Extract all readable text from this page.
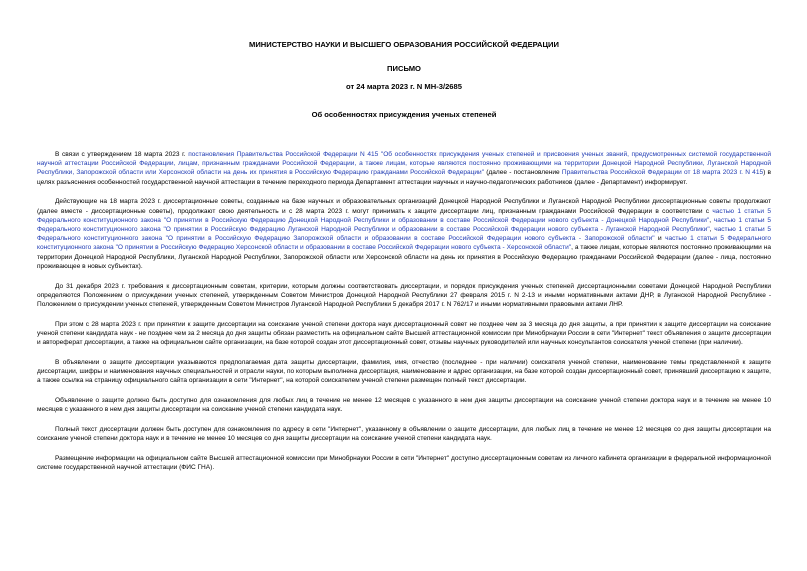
МИНИСТЕРСТВО НАУКИ И ВЫСШЕГО ОБРАЗОВАНИЯ РОССИЙСКОЙ ФЕДЕРАЦИИ
ПИСЬМО
от 24 марта 2023 г. N МН-3/2685
Об особенностях присуждения ученых степеней

В связи с утверждением 18 марта 2023 г. постановления Правительства Российской Федерации N 415 "Об особенностях присуждения ученых степеней и присвоения ученых званий, предусмотренных системой государственной научной аттестации Российской Федерации, лицам, признанным гражданами Российской Федерации, а также лицам, которые являются постоянно проживающими на территории Донецкой Народной Республики, Луганской Народной Республики, Запорожской области или Херсонской области на день их принятия в Российскую Федерацию гражданами Российской Федерации" (далее - постановление Правительства Российской Федерации от 18 марта 2023 г. N 415) в целях разъяснения особенностей государственной научной аттестации в течение переходного периода Департамент аттестации научных и научно-педагогических работников (далее - Департамент) информирует.

Действующие на 18 марта 2023 г. диссертационные советы, созданные на базе научных и образовательных организаций Донецкой Народной Республики и Луганской Народной Республики диссертационные советы продолжают (далее вместе - диссертационные советы), продолжают свою деятельность и с 28 марта 2023 г. могут принимать к защите диссертации лиц, признанным гражданами Российской Федерации в соответствии с частью 1 статьи 5 Федерального конституционного закона "О принятии в Российскую Федерацию Донецкой Народной Республики и образовании в составе Российской Федерации нового субъекта - Донецкой Народной Республики", частью 1 статьи 5 Федерального конституционного закона "О принятии в Российскую Федерацию Луганской Народной Республики и образовании в составе Российской Федерации нового субъекта - Луганской Народной Республики", частью 1 статьи 5 Федерального конституционного закона "О принятии в Российскую Федерацию Запорожской области и образовании в составе Российской Федерации нового субъекта - Запорожской области" и частью 1 статьи 5 Федерального конституционного закона "О принятии в Российскую Федерацию Херсонской области и образовании в составе Российской Федерации нового субъекта - Херсонской области", а также лицам, которые являются постоянно проживающими на территории Донецкой Народной Республики, Луганской Народной Республики, Запорожской области или Херсонской области на день их принятия в Российскую Федерацию гражданами Российской Федерации (далее - лица, постоянно проживающее в новых субъектах).

До 31 декабря 2023 г. требования к диссертационным советам, критерии, которым должны соответствовать диссертации, и порядок присуждения ученых степеней диссертационными советами Донецкой Народной Республики определяются Положением о присуждении ученых степеней, утвержденным Советом Министров Донецкой Народной Республики 27 февраля 2015 г. N 2-13 и иными нормативными актами ДНР, в Луганской Народной Республике - Положением о присуждении ученых степеней, утвержденным Советом Министров Луганской Народной Республики 5 декабря 2017 г. N 762/17 и иными нормативными правовыми актами ЛНР.

При этом с 28 марта 2023 г. при принятии к защите диссертации на соискание ученой степени доктора наук диссертационный совет не позднее чем за 3 месяца до дня защиты, а при принятии к защите диссертации на соискание ученой степени кандидата наук - не позднее чем за 2 месяца до дня защиты обязан разместить на официальном сайте Высшей аттестационной комиссии при Минобрнауки России в сети "Интернет" текст объявления о защите диссертации и автореферат диссертации, а также на официальном сайте организации, на базе которой создан этот диссертационный совет, отзывы научных руководителей или научных консультантов соискателя ученой степени (при наличии).

В объявлении о защите диссертации указываются предполагаемая дата защиты диссертации, фамилия, имя, отчество (последнее - при наличии) соискателя ученой степени, наименование темы представленной к защите диссертации, шифры и наименования научных специальностей и отрасли науки, по которым выполнена диссертация, наименование и адрес организации, на базе которой создан диссертационный совет, принявший диссертацию к защите, а также ссылка на страницу официального сайта организации в сети "Интернет", на которой соискателем ученой степени размещен полный текст диссертации.

Объявление о защите должно быть доступно для ознакомления для любых лиц в течение не менее 12 месяцев с указанного в нем дня защиты диссертации на соискание ученой степени доктора наук и в течение не менее 10 месяцев с указанного в нем дня защиты диссертации на соискание ученой степени кандидата наук.

Полный текст диссертации должен быть доступен для ознакомления по адресу в сети "Интернет", указанному в объявлении о защите диссертации, для любых лиц в течение не менее 12 месяцев со дня защиты диссертации на соискание ученой степени доктора наук и в течение не менее 10 месяцев со дня защиты диссертации на соискание ученой степени кандидата наук.

Размещение информации на официальном сайте Высшей аттестационной комиссии при Минобрнауки России в сети "Интернет" доступно диссертационным советам из личного кабинета организации в федеральной информационной системе государственной научной аттестации (ФИС ГНА).
